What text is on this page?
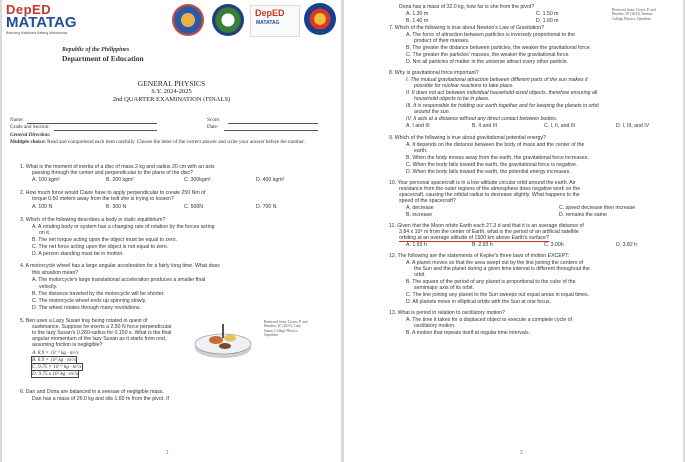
DepED
MATATAG
Bansang Makabata Batang Makabansa
DepED
MATATAG
Republic of the Philippines
Department of Education
GENERAL PHYSICS
S.Y. 2024-2025
2nd QUARTER EXAMINATION (FINALS)
Name:	Score:
Grade and Section:	Date:
General Direction:
Multiple choice: Read and comprehend each item carefully. Choose the letter of the correct answer and write your answer before the number.
1. What is the moment of inertia of a disc of mass 2 kg and radius 20 cm with an axis
passing through the center and perpendicular to the plane of the disc?
A. 100 kgm²	B. 200 kgm²	C. 300kgm²	D. 400 kgm²
2. How much force would Claire have to apply perpendicular to create 250 Nm of
torque 0.50 meters away from the bolt she is trying to loosen?
A. 100 N	B. 300 N	C. 500N	D. 700 N
3. Which of the following describes a body in static equilibrium?
A. A rotating body or system has a changing rate of rotation by the forces acting
on it.
B. The net torque acting upon the object must be equal to zero.
C. The net force acting upon the object is not equal to zero.
D. A person standing must be in motion.
4. A motorcycle wheel has a large angular acceleration for a fairly long time. What does
this situation mean?
A. The motorcycle's large translational acceleration produces a smaller final
velocity.
B. The distance traveled by the motorcycle will be shorter.
C. The motorcycle wheel ends up spinning slowly.
D. The wheel rotates through many revolutions.
5. Ben uses a Lazy Susan tray being rotated in quest of
sustenance. Suppose he exerts a 2.50 N force perpendicular
to the lazy Susan's 0.260-radius for 0.150 s. What is the final
angular momentum of the lazy Susan as it starts from rest,
assuming friction is negligible?
A. 8.9 × 10⁻² kg · m²/s
B. 8.9 × 10² kg · m²/s
C. 9.75 × 10⁻² kg · m²/s
D. 9.75 x 10² kg · m²/s
Retrieved from: Lloyer, P. and
Hendrix, W. (2023). Lazy
Susan. College Physics,
OpenStax
6. Dan and Dona are balanced in a seesaw of negligible mass.
Dan has a mass of 26.0 kg and sits 1.60 m from the pivot. If
1
Dona has a mass of 32.0 kg, how far is she from the pivot?
A. 1.30 m	C. 1.50 m
B. 1.40 m	D. 1.60 m
Retrieved from: Lloyer, P. and
Hendrix, W. (2023). Seesaw.
College Physics, OpenStax
7. Which of the following is true about Newton's Law of Gravitation?
A. The force of attraction between particles is inversely proportional to the
product of their masses.
B. The greater the distance between particles, the weaker the gravitational force.
C. The greater the particles' masses, the weaker the gravitational force.
D. Not all particles of matter in the universe attract every other particle.
8. Why is gravitational force important?
I. The mutual gravitational attraction between different parts of the sun makes it
possible for nuclear reactions to take place.
II. It does not act between individual household-sized objects, therefore ensuring all
household objects to be in place.
III. It is responsible for holding our earth together and for keeping the planets in orbit
around the sun.
IV. It acts at a distance without any direct contact between bodies.
A. I and III	B. II and III	C. I, II, and III	D. I, III, and IV
9. Which of the following is true about gravitational potential energy?
A. It depends on the distance between the body of mass and the center of the
earth.
B. When the body moves away from the earth, the gravitational force increases.
C. When the body falls toward the earth, the gravitational force is negative.
D. When the body falls toward the earth, the potential energy increases.
10. Your personal spacecraft is in a low-altitude circular orbit around the earth. Air
resistance from the outer regions of the atmosphere does negative work on the
spacecraft, causing the orbital radius to decrease slightly. What happens to the
speed of the spacecraft?
A. decrease	C. speed decrease then increase
B. increase	D. remains the same
11. Given that the Moon orbits Earth each 27.3 d and that it is an average distance of
3.84 x 10⁸ m from the center of Earth, what is the period of an artificial satellite
orbiting at an average altitude of 1500 km above Earth's surface?
A. 1.93 h	B. 2.93 h	C. 3.00h	D. 3.82 h
12. The following are the statements of Kepler's three laws of motion EXCEPT:
A. A planet moves so that the area swept out by the line joining the centers of
the Sun and the planet during a given time interval is different throughout the
orbit.
B. The square of the period of any planet is proportional to the cube of the
semimajor axis of its orbit.
C. The line joining any planet to the Sun sweeps out equal areas in equal times.
D. All planets move in elliptical orbits with the Sun at one focus.
13. What is period in relation to oscillatory motion?
A. The time it takes for a displaced object to execute a complete cycle of
oscillatory motion.
B. A motion that repeats itself at regular time intervals.
2
